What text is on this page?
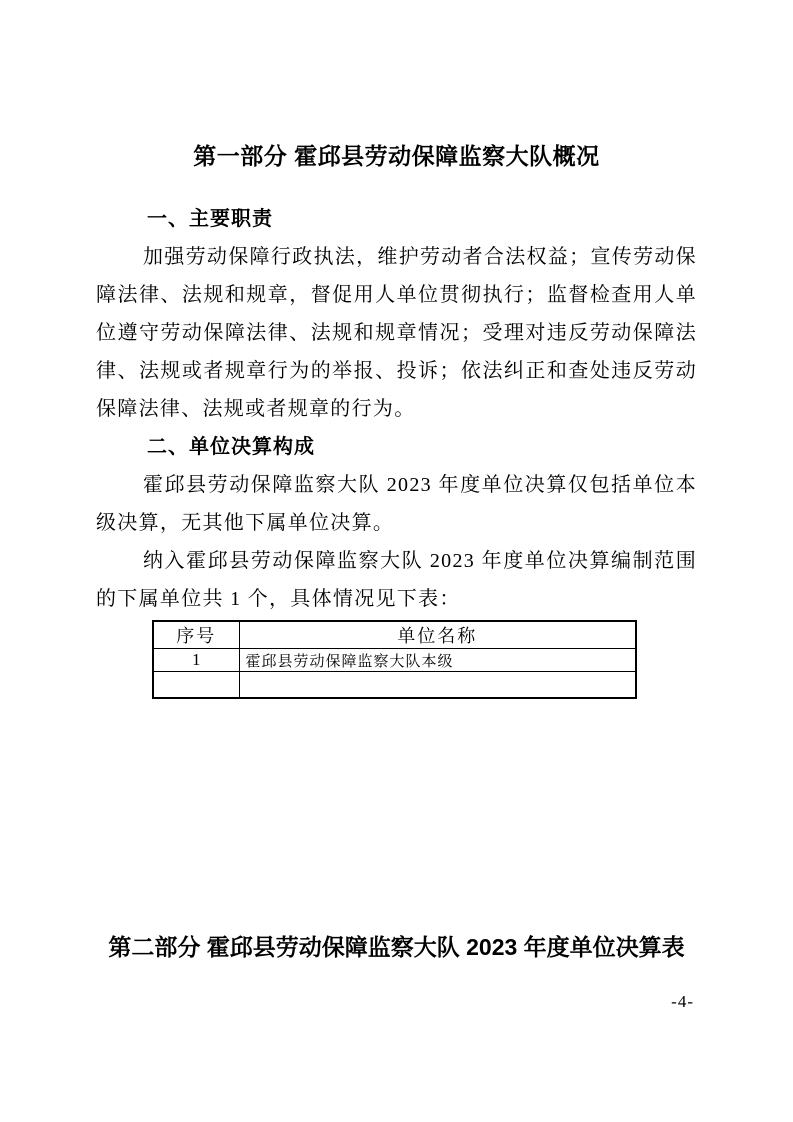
第一部分 霍邱县劳动保障监察大队概况
一、主要职责

加强劳动保障行政执法，维护劳动者合法权益；宣传劳动保障法律、法规和规章，督促用人单位贯彻执行；监督检查用人单位遵守劳动保障法律、法规和规章情况；受理对违反劳动保障法律、法规或者规章行为的举报、投诉；依法纠正和查处违反劳动保障法律、法规或者规章的行为。

二、单位决算构成

霍邱县劳动保障监察大队 2023 年度单位决算仅包括单位本级决算，无其他下属单位决算。

纳入霍邱县劳动保障监察大队 2023 年度单位决算编制范围的下属单位共 1 个，具体情况见下表：

序号	单位名称
1	霍邱县劳动保障监察大队本级

第二部分 霍邱县劳动保障监察大队 2023 年度单位决算表
-4-
